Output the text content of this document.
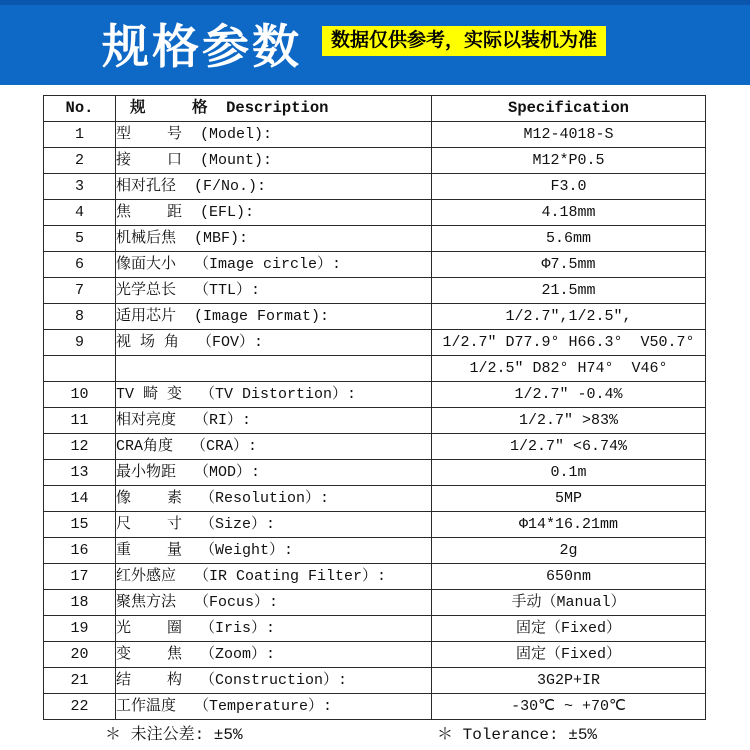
规格参数	数据仅供参考，实际以装机为准
No.	规     格  Description	Specification
1	型    号  (Model):	M12-4018-S
2	接    口  (Mount):	M12*P0.5
3	相对孔径  (F/No.):	F3.0
4	焦    距  (EFL):	4.18mm
5	机械后焦  (MBF):	5.6mm
6	像面大小  （Image circle）:	Φ7.5mm
7	光学总长  （TTL）:	21.5mm
8	适用芯片  (Image Format):	1/2.7″,1/2.5″,
9	视 场 角  （FOV）:	1/2.7″ D77.9° H66.3°  V50.7°
		1/2.5″ D82° H74°  V46°
10	TV 畸 变  （TV Distortion）:	1/2.7″ -0.4%
11	相对亮度  （RI）:	1/2.7″ >83%
12	CRA角度  （CRA）:	1/2.7″ <6.74%
13	最小物距  （MOD）:	0.1m
14	像    素  （Resolution）:	5MP
15	尺    寸  （Size）:	Φ14*16.21mm
16	重    量  （Weight）:	2g
17	红外感应  （IR Coating Filter）:	650nm
18	聚焦方法  （Focus）:	手动（Manual）
19	光    圈  （Iris）:	固定（Fixed）
20	变    焦  （Zoom）:	固定（Fixed）
21	结    构  （Construction）:	3G2P+IR
22	工作温度  （Temperature）:	-30℃ ~ +70℃
＊ 未注公差: ±5%	＊ Tolerance: ±5%
